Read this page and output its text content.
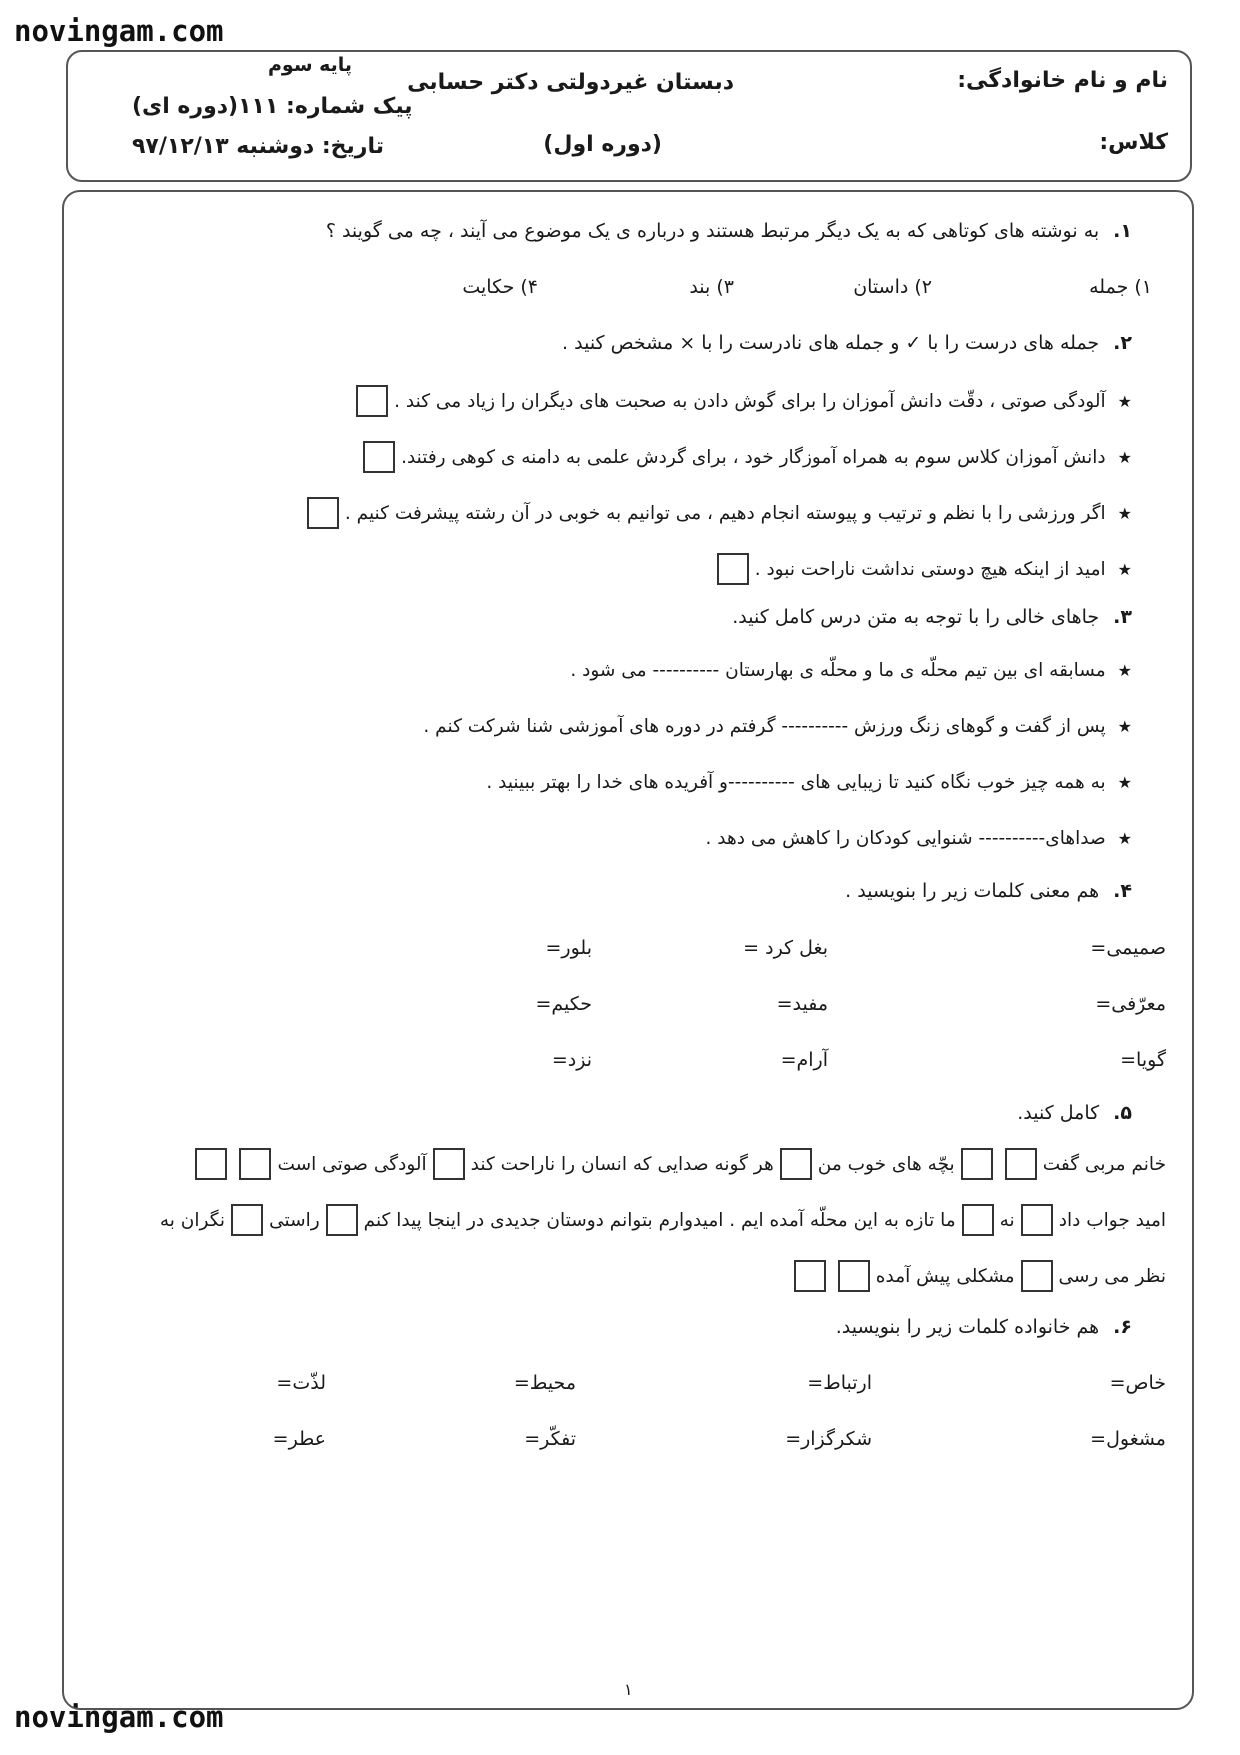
novingam.com
novingam.com
نام و نام خانوادگی:
کلاس:
دبستان غیردولتی دکتر حسابی
(دوره اول)
پایه سوم
پیک شماره: ۱۱۱(دوره ای)
تاریخ: دوشنبه ۹۷/۱۲/۱۳
۱.به نوشته های کوتاهی که به یک دیگر مرتبط هستند و درباره ی یک موضوع می آیند ، چه می گویند ؟
۱) جمله
۲) داستان
۳) بند
۴) حکایت
۲.جمله های درست را با ✓ و جمله های نادرست را با × مشخص کنید .
★
آلودگی صوتی ، دقّت دانش آموزان را برای گوش دادن به صحبت های دیگران را زیاد می کند .
★
دانش آموزان کلاس سوم به همراه آموزگار خود ، برای گردش علمی به دامنه ی کوهی رفتند.
★
اگر ورزشی را با نظم و ترتیب و پیوسته انجام دهیم ، می توانیم به خوبی در آن رشته پیشرفت کنیم .
★
امید از اینکه هیچ دوستی نداشت ناراحت نبود .
۳.جاهای خالی را با توجه به متن درس کامل کنید.
★
مسابقه ای بین تیم محلّه ی ما و محلّه ی بهارستان ---------- می شود .
★
پس از گفت و گوهای زنگ ورزش ---------- گرفتم در دوره های آموزشی شنا شرکت کنم .
★
به همه چیز خوب نگاه کنید تا زیبایی های ----------و آفریده های خدا را بهتر ببینید .
★
صداهای---------- شنوایی کودکان را کاهش می دهد .
۴.هم معنی کلمات زیر را بنویسید .
صمیمی=
بغل کرد =
بلور=
معرّفی=
مفید=
حکیم=
گویا=
آرام=
نزد=
۵.کامل کنید.
خانم مربی گفت
بچّه های خوب من
هر گونه صدایی که انسان را ناراحت کند
آلودگی صوتی است
امید جواب داد
نه
ما تازه به این محلّه آمده ایم . امیدوارم بتوانم دوستان جدیدی در اینجا پیدا کنم
راستی
نگران به
نظر می رسی
مشکلی پیش آمده
۶.هم خانواده کلمات زیر را بنویسید.
خاص=
ارتباط=
محیط=
لذّت=
مشغول=
شکرگزار=
تفکّر=
عطر=
۱
